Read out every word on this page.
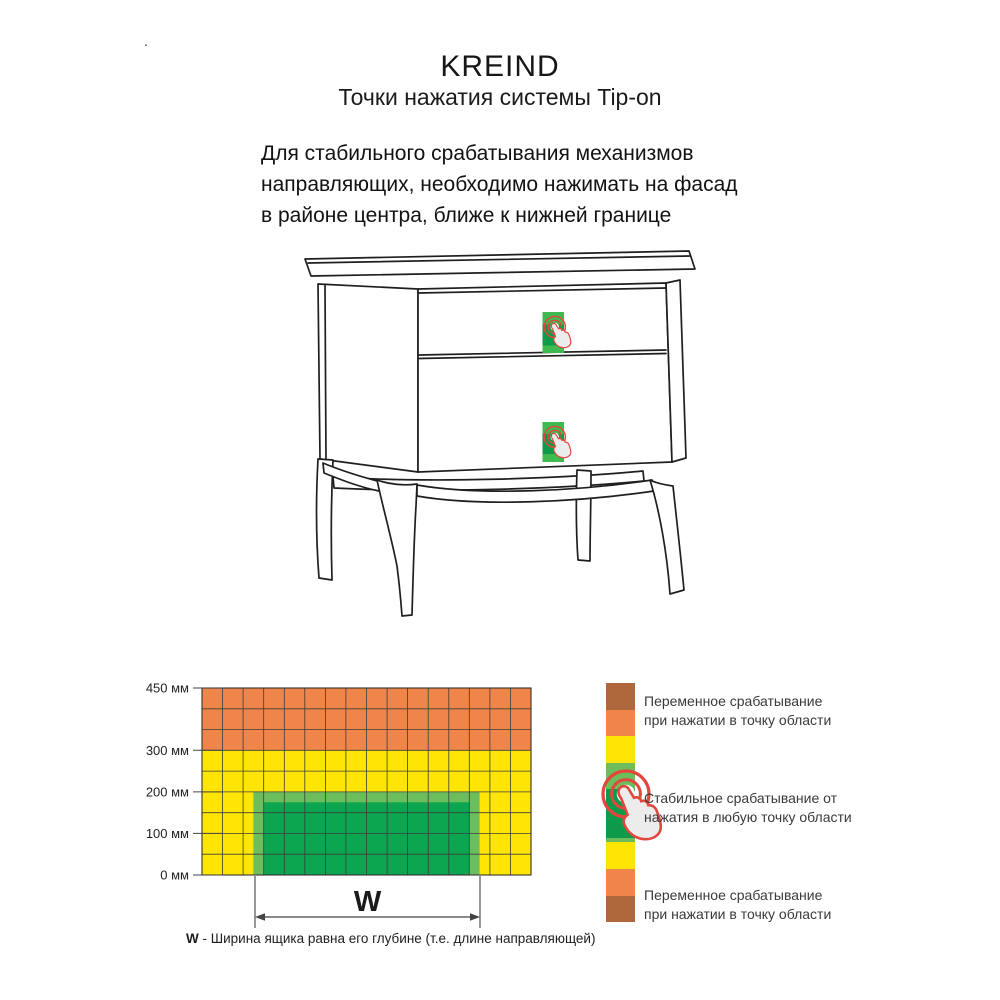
.
KREIND
Точки нажатия системы Tip-on
Для стабильного срабатывания механизмов
направляющих, необходимо нажимать на фасад
в районе центра, ближе к нижней границе
450 мм
300 мм
200 мм
100 мм
0 мм
W
W - Ширина ящика равна его глубине (т.е. длине направляющей)
Переменное срабатывание
при нажатии в точку области
Стабильное срабатывание от
нажатия в любую точку области
Переменное срабатывание
при нажатии в точку области
